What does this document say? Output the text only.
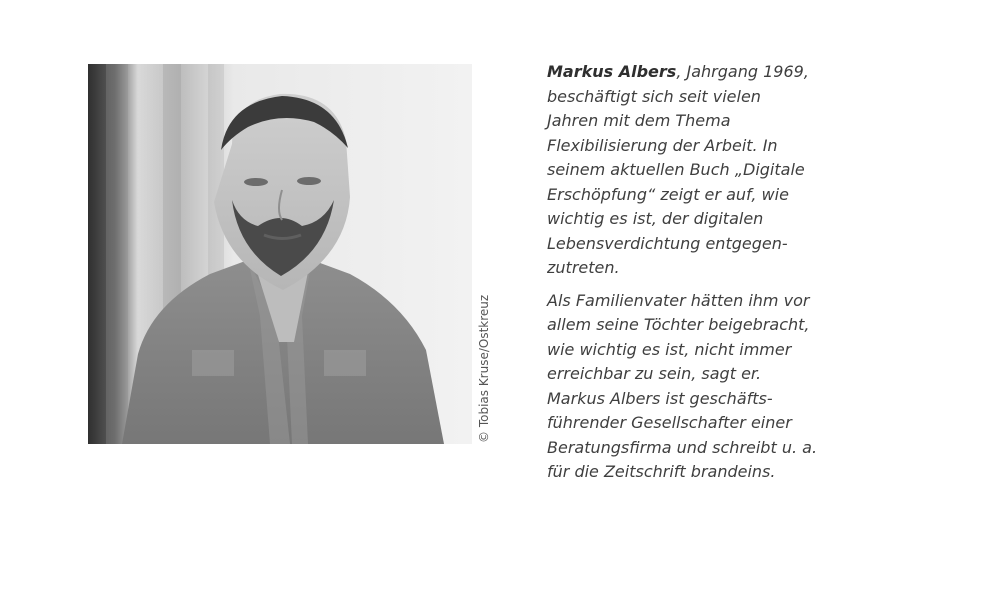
© Tobias Kruse/Ostkreuz
Markus Albers, Jahrgang 1969,
beschäftigt sich seit vielen
Jahren mit dem Thema
Flexibilisierung der Arbeit. In
seinem aktuellen Buch „Digitale
Erschöpfung“ zeigt er auf, wie
wichtig es ist, der digitalen
Lebensverdichtung entgegen-
zutreten.
Als Familienvater hätten ihm vor
allem seine Töchter beigebracht,
wie wichtig es ist, nicht immer
erreichbar zu sein, sagt er.
Markus Albers ist geschäfts-
führender Gesellschafter einer
Beratungsfirma und schreibt u. a.
für die Zeitschrift brandeins.
